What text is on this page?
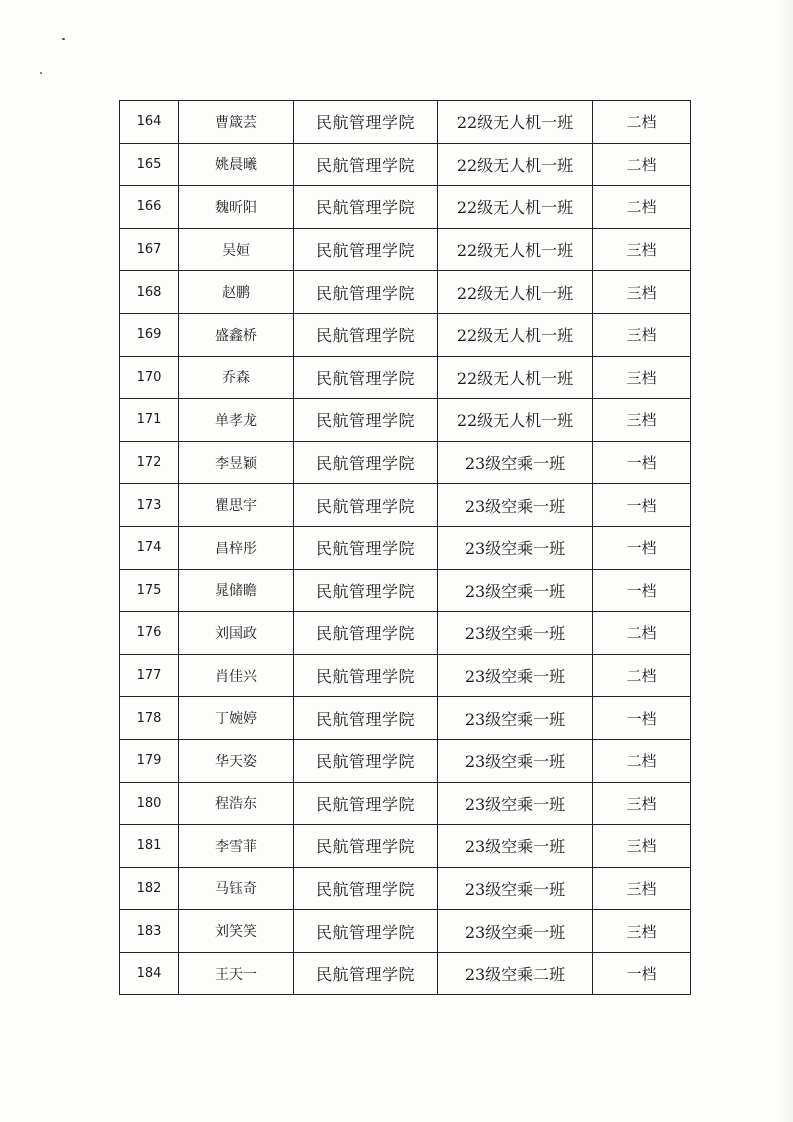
164	曹箴芸	民航管理学院	22级无人机一班	二档
165	姚晨曦	民航管理学院	22级无人机一班	二档
166	魏昕阳	民航管理学院	22级无人机一班	二档
167	吴姮	民航管理学院	22级无人机一班	三档
168	赵鹏	民航管理学院	22级无人机一班	三档
169	盛鑫桥	民航管理学院	22级无人机一班	三档
170	乔森	民航管理学院	22级无人机一班	三档
171	单孝龙	民航管理学院	22级无人机一班	三档
172	李昱颖	民航管理学院	23级空乘一班	一档
173	瞿思宇	民航管理学院	23级空乘一班	一档
174	昌梓彤	民航管理学院	23级空乘一班	一档
175	晁储瞻	民航管理学院	23级空乘一班	一档
176	刘国政	民航管理学院	23级空乘一班	二档
177	肖佳兴	民航管理学院	23级空乘一班	二档
178	丁婉婷	民航管理学院	23级空乘一班	一档
179	华天姿	民航管理学院	23级空乘一班	二档
180	程浩东	民航管理学院	23级空乘一班	三档
181	李雪菲	民航管理学院	23级空乘一班	三档
182	马钰奇	民航管理学院	23级空乘一班	三档
183	刘笑笑	民航管理学院	23级空乘一班	三档
184	王天一	民航管理学院	23级空乘二班	一档
